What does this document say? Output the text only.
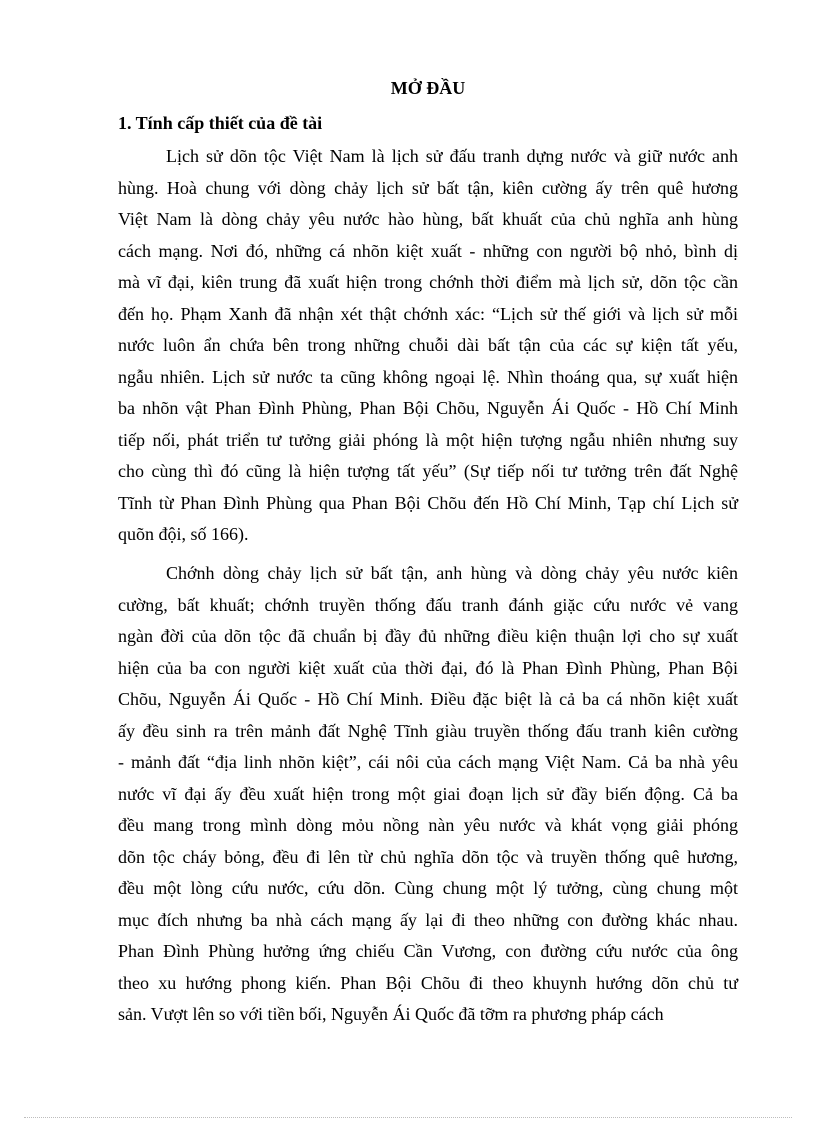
MỞ ĐẦU
1. Tính cấp thiết của đề tài
Lịch sử dõn tộc Việt Nam là lịch sử đấu tranh dựng nước và giữ nước anh
hùng. Hoà chung với dòng chảy lịch sử bất tận, kiên cường ấy trên quê hương
Việt Nam là dòng chảy yêu nước hào hùng, bất khuất của chủ nghĩa anh hùng
cách mạng. Nơi đó, những cá nhõn kiệt xuất - những con người bộ nhỏ, bình dị
mà vĩ đại, kiên trung đã xuất hiện trong chớnh thời điểm mà lịch sử, dõn tộc cần
đến họ. Phạm Xanh đã nhận xét thật chớnh xác: “Lịch sử thế giới và lịch sử mỗi
nước luôn ẩn chứa bên trong những chuỗi dài bất tận của các sự kiện tất yếu,
ngẫu nhiên. Lịch sử nước ta cũng không ngoại lệ. Nhìn thoáng qua, sự xuất hiện
ba nhõn vật Phan Đình Phùng, Phan Bội Chõu, Nguyễn Ái Quốc - Hồ Chí Minh
tiếp nối, phát triển tư tưởng giải phóng là một hiện tượng ngẫu nhiên nhưng suy
cho cùng thì đó cũng là hiện tượng tất yếu” (Sự tiếp nối tư tưởng trên đất Nghệ
Tĩnh từ Phan Đình Phùng qua Phan Bội Chõu đến Hồ Chí Minh, Tạp chí Lịch sử
quõn đội, số 166).
Chớnh dòng chảy lịch sử bất tận, anh hùng và dòng chảy yêu nước kiên
cường, bất khuất; chớnh truyền thống đấu tranh đánh giặc cứu nước vẻ vang
ngàn đời của dõn tộc đã chuẩn bị đầy đủ những điều kiện thuận lợi cho sự xuất
hiện của ba con người kiệt xuất của thời đại, đó là Phan Đình Phùng, Phan Bội
Chõu, Nguyễn Ái Quốc - Hồ Chí Minh. Điều đặc biệt là cả ba cá nhõn kiệt xuất
ấy đều sinh ra trên mảnh đất Nghệ Tĩnh giàu truyền thống đấu tranh kiên cường
- mảnh đất “địa linh nhõn kiệt”, cái nôi của cách mạng Việt Nam. Cả ba nhà yêu
nước vĩ đại ấy đều xuất hiện trong một giai đoạn lịch sử đầy biến động. Cả ba
đều mang trong mình dòng mỏu nồng nàn yêu nước và khát vọng giải phóng
dõn tộc cháy bỏng, đều đi lên từ chủ nghĩa dõn tộc và truyền thống quê hương,
đều một lòng cứu nước, cứu dõn. Cùng chung một lý tưởng, cùng chung một
mục đích nhưng ba nhà cách mạng ấy lại đi theo những con đường khác nhau.
Phan Đình Phùng hưởng ứng chiếu Cần Vương, con đường cứu nước của ông
theo xu hướng phong kiến. Phan Bội Chõu đi theo khuynh hướng dõn chủ tư
sản. Vượt lên so với tiền bối, Nguyễn Ái Quốc đã tỡm ra phương pháp cách
